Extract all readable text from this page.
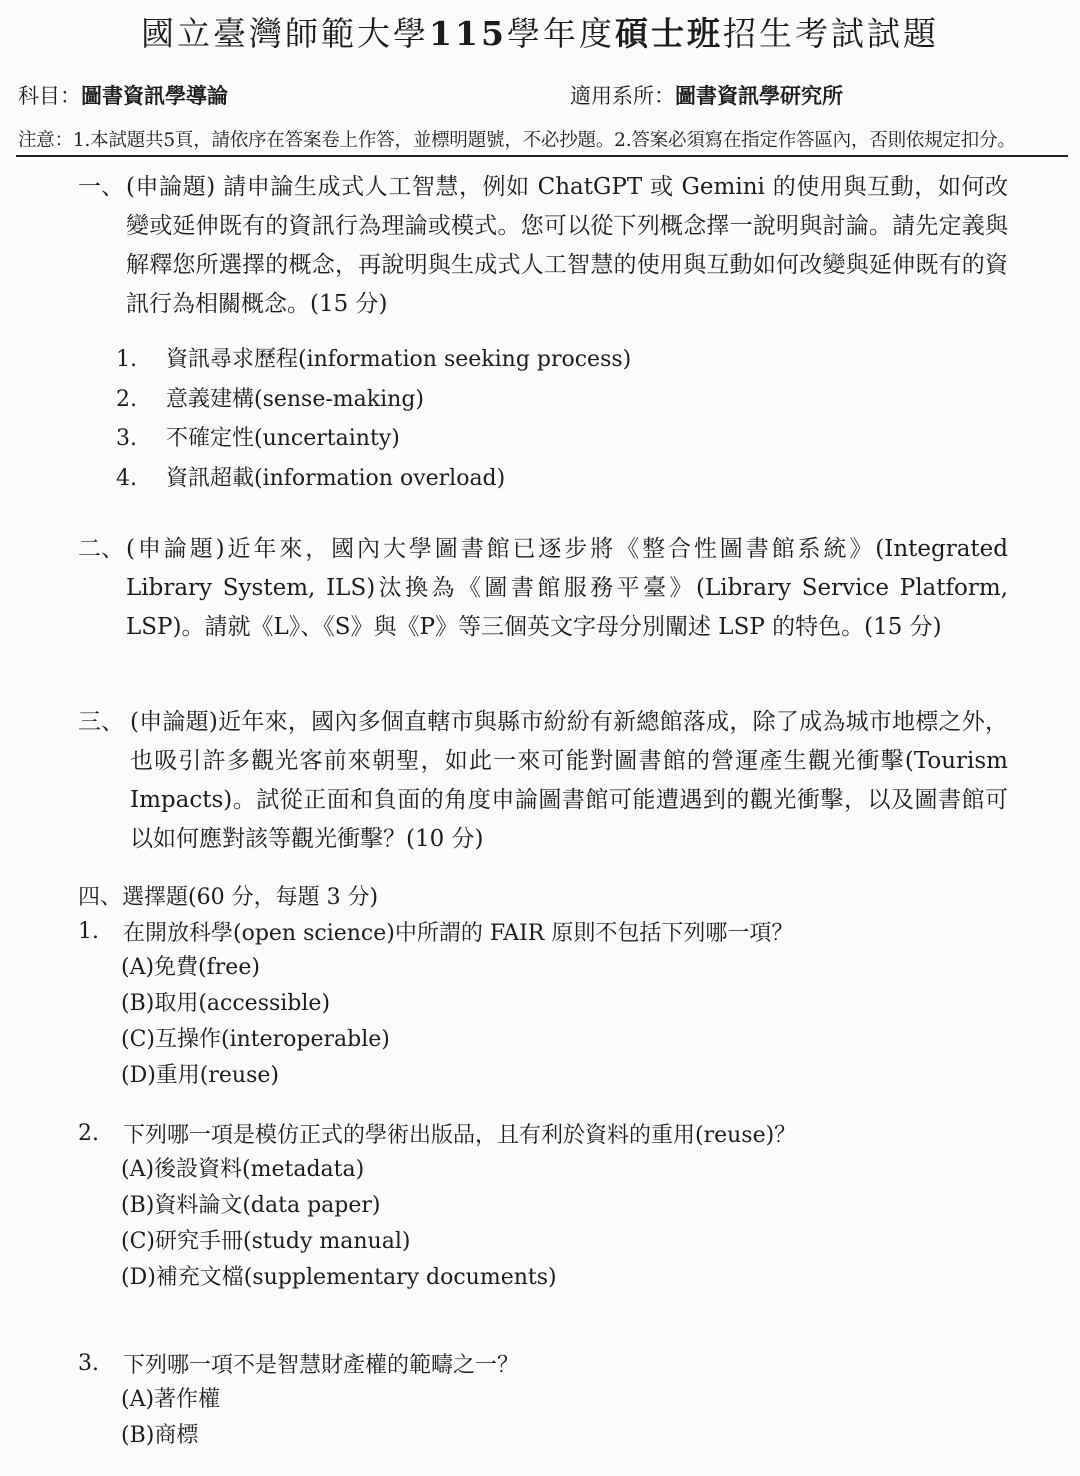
國立臺灣師範大學115學年度碩士班招生考試試題
科目：圖書資訊學導論	適用系所：圖書資訊學研究所
注意：1.本試題共5頁，請依序在答案卷上作答，並標明題號，不必抄題。2.答案必須寫在指定作答區內，否則依規定扣分。
一、 (申論題) 請申論生成式人工智慧，例如 ChatGPT 或 Gemini 的使用與互動，如何改變或延伸既有的資訊行為理論或模式。您可以從下列概念擇一說明與討論。請先定義與解釋您所選擇的概念，再說明與生成式人工智慧的使用與互動如何改變與延伸既有的資訊行為相關概念。(15 分)
1.	資訊尋求歷程(information seeking process)
2.	意義建構(sense-making)
3.	不確定性(uncertainty)
4.	資訊超載(information overload)
二、 (申論題)近年來，國內大學圖書館已逐步將《整合性圖書館系統》(Integrated Library System, ILS)汰換為《圖書館服務平臺》(Library Service Platform, LSP)。請就《L》、《S》與《P》等三個英文字母分別闡述 LSP 的特色。(15 分)
三、 (申論題)近年來，國內多個直轄市與縣市紛紛有新總館落成，除了成為城市地標之外，也吸引許多觀光客前來朝聖，如此一來可能對圖書館的營運產生觀光衝擊(Tourism Impacts)。試從正面和負面的角度申論圖書館可能遭遇到的觀光衝擊，以及圖書館可以如何應對該等觀光衝擊？(10 分)
四、選擇題(60 分，每題 3 分)
1.	在開放科學(open science)中所謂的 FAIR 原則不包括下列哪一項？
(A)免費(free)
(B)取用(accessible)
(C)互操作(interoperable)
(D)重用(reuse)
2.	下列哪一項是模仿正式的學術出版品，且有利於資料的重用(reuse)？
(A)後設資料(metadata)
(B)資料論文(data paper)
(C)研究手冊(study manual)
(D)補充文檔(supplementary documents)
3.	下列哪一項不是智慧財產權的範疇之一？
(A)著作權
(B)商標
